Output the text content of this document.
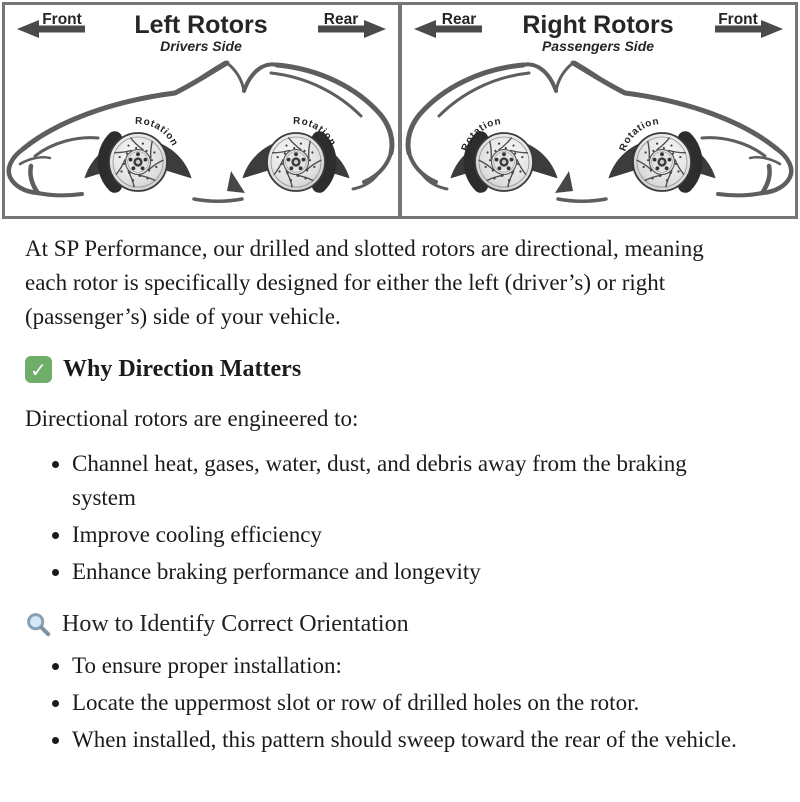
Front Left Rotors
Drivers Side
Rear
Rotation
Rotation
Rear Right Rotors
Passengers Side
Front
Rotation
Rotation

At SP Performance, our drilled and slotted rotors are directional, meaning each rotor is specifically designed for either the left (driver’s) or right (passenger’s) side of your vehicle.

✓ Why Direction Matters

Directional rotors are engineered to:

• Channel heat, gases, water, dust, and debris away from the braking system
• Improve cooling efficiency
• Enhance braking performance and longevity
How to Identify Correct Orientation
• To ensure proper installation:
• Locate the uppermost slot or row of drilled holes on the rotor.
• When installed, this pattern should sweep toward the rear of the vehicle.
